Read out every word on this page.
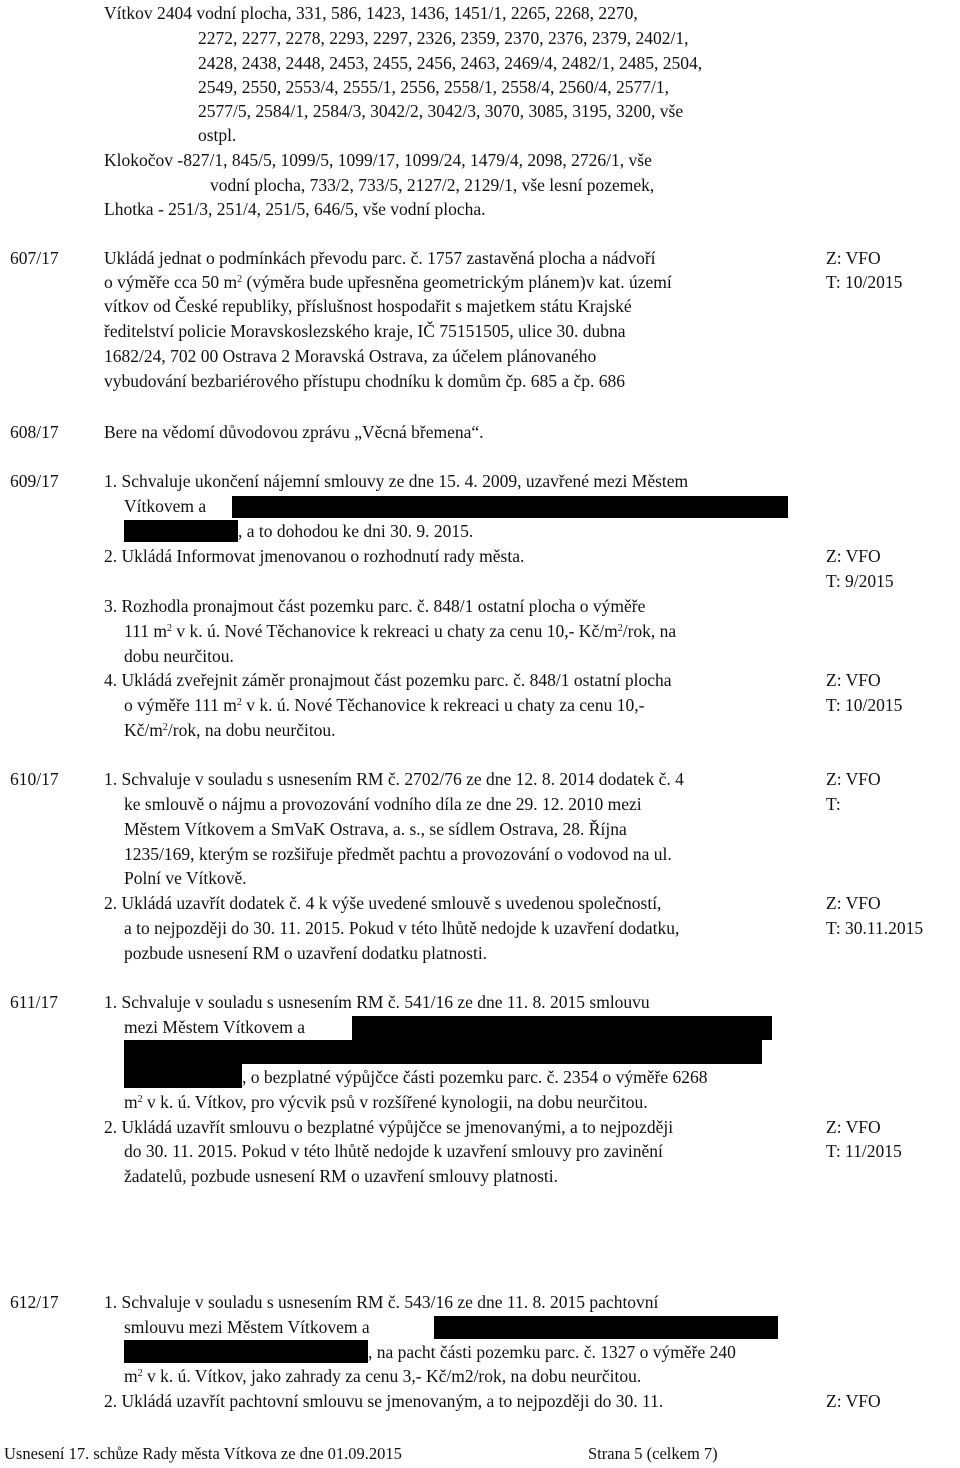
Vítkov 2404 vodní plocha, 331, 586, 1423, 1436, 1451/1, 2265, 2268, 2270,
2272, 2277, 2278, 2293, 2297, 2326, 2359, 2370, 2376, 2379, 2402/1,
2428, 2438, 2448, 2453, 2455, 2456, 2463, 2469/4, 2482/1, 2485, 2504,
2549, 2550, 2553/4, 2555/1, 2556, 2558/1, 2558/4, 2560/4, 2577/1,
2577/5, 2584/1, 2584/3, 3042/2, 3042/3, 3070, 3085, 3195, 3200, vše
ostpl.
Klokočov -827/1, 845/5, 1099/5, 1099/17, 1099/24, 1479/4, 2098, 2726/1, vše
vodní plocha, 733/2, 733/5, 2127/2, 2129/1, vše lesní pozemek,
Lhotka - 251/3, 251/4, 251/5, 646/5, vše vodní plocha.
607/17	Ukládá jednat o podmínkách převodu parc. č. 1757 zastavěná plocha a nádvoří
o výměře cca 50 $m^2$ (výměra bude upřesněna geometrickým plánem)v kat. území
vítkov od České republiky, příslušnost hospodařit s majetkem státu Krajské
ředitelství policie Moravskoslezského kraje, IČ 75151505, ulice 30. dubna
1682/24, 702 00 Ostrava 2 Moravská Ostrava, za účelem plánovaného
vybudování bezbariérového přístupu chodníku k domům čp. 685 a čp. 686
Z: VFO
T: 10/2015
608/17	Bere na vědomí důvodovou zprávu „Věcná břemena“.
609/17	1. Schvaluje ukončení nájemní smlouvy ze dne 15. 4. 2009, uzavřené mezi Městem
Vítkovem a
, a to dohodou ke dni 30. 9. 2015.
2. Ukládá Informovat jmenovanou o rozhodnutí rady města.	Z: VFO
T: 9/2015
3. Rozhodla pronajmout část pozemku parc. č. 848/1 ostatní plocha o výměře
111 $m^2$ v k. ú. Nové Těchanovice k rekreaci u chaty za cenu 10,- $Kč/m^2$/rok, na
dobu neurčitou.
4. Ukládá zveřejnit záměr pronajmout část pozemku parc. č. 848/1 ostatní plocha
o výměře 111 $m^2$ v k. ú. Nové Těchanovice k rekreaci u chaty za cenu 10,-
$Kč/m^2$/rok, na dobu neurčitou.
Z: VFO
T: 10/2015
610/17	1. Schvaluje v souladu s usnesením RM č. 2702/76 ze dne 12. 8. 2014 dodatek č. 4
ke smlouvě o nájmu a provozování vodního díla ze dne 29. 12. 2010 mezi
Městem Vítkovem a SmVaK Ostrava, a. s., se sídlem Ostrava, 28. Října
1235/169, kterým se rozšiřuje předmět pachtu a provozování o vodovod na ul.
Polní ve Vítkově.
Z: VFO
T:
2. Ukládá uzavřít dodatek č. 4 k výše uvedené smlouvě s uvedenou společností,
a to nejpozději do 30. 11. 2015. Pokud v této lhůtě nedojde k uzavření dodatku,
pozbude usnesení RM o uzavření dodatku platnosti.
Z: VFO
T: 30.11.2015
611/17	1. Schvaluje v souladu s usnesením RM č. 541/16 ze dne 11. 8. 2015 smlouvu
mezi Městem Vítkovem a
, o bezplatné výpůjčce části pozemku parc. č. 2354 o výměře 6268
$m^2$ v k. ú. Vítkov, pro výcvik psů v rozšířené kynologii, na dobu neurčitou.
2. Ukládá uzavřít smlouvu o bezplatné výpůjčce se jmenovanými, a to nejpozději
do 30. 11. 2015. Pokud v této lhůtě nedojde k uzavření smlouvy pro zavinění
žadatelů, pozbude usnesení RM o uzavření smlouvy platnosti.
Z: VFO
T: 11/2015
612/17	1. Schvaluje v souladu s usnesením RM č. 543/16 ze dne 11. 8. 2015 pachtovní
smlouvu mezi Městem Vítkovem a
, na pacht části pozemku parc. č. 1327 o výměře 240
$m^2$ v k. ú. Vítkov, jako zahrady za cenu 3,- Kč/m2/rok, na dobu neurčitou.
2. Ukládá uzavřít pachtovní smlouvu se jmenovaným, a to nejpozději do 30. 11.	Z: VFO
Usnesení 17. schůze Rady města Vítkova ze dne 01.09.2015	Strana 5 (celkem 7)
